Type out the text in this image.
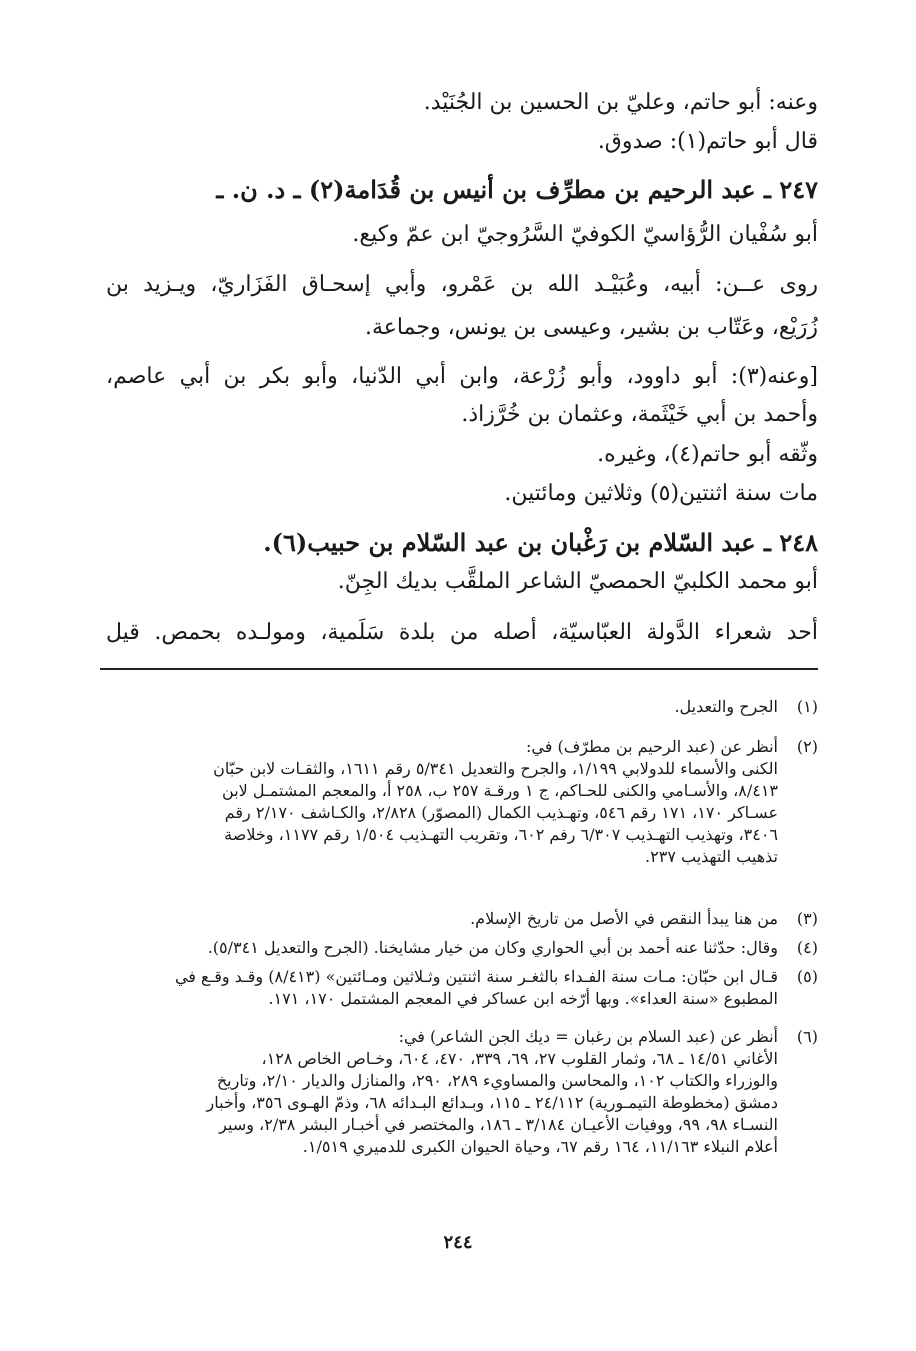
وعنه: أبو حاتم، وعليّ بن الحسين بن الجُنَيْد.
قال أبو حاتم(١): صدوق.
٢٤٧ ـ عبد الرحيم بن مطرِّف بن أنيس بن قُدَامة(٢) ـ د. ن. ـ
أبو سُفْيان الرُّؤاسيّ الكوفيّ السَّرُوجيّ ابن عمّ وكيع.
روى عــن: أبيه، وعُبَيْـد الله بن عَمْرو، وأبي إسحـاق الفَزَاريّ، ويـزيد بن
زُرَيْع، وعَتّاب بن بشير، وعيسى بن يونس، وجماعة.
[وعنه(٣): أبو داوود، وأبو زُرْعة، وابن أبي الدّنيا، وأبو بكر بن أبي عاصم،
وأحمد بن أبي خَيْثَمة، وعثمان بن خُرَّزاذ.
وثّقه أبو حاتم(٤)، وغيره.
مات سنة اثنتين(٥) وثلاثين ومائتين.
٢٤٨ ـ عبد السّلام بن رَغْبان بن عبد السّلام بن حبيب(٦).
أبو محمد الكلبيّ الحمصيّ الشاعر الملقَّب بديك الجِنّ.
أحد شعراء الدَّولة العبّاسيّة، أصله من بلدة سَلَمية، ومولـده بحمص. قيل
(١)
الجرح والتعديل.
(٢)
أنظر عن (عبد الرحيم بن مطرّف) في:
الكنى والأسماء للدولابي ١/١٩٩، والجرح والتعديل ٥/٣٤١ رقم ١٦١١، والثقـات لابن حبّان
٨/٤١٣، والأسـامي والكنى للحـاكم، ج ١ ورقـة ٢٥٧ ب، ٢٥٨ أ، والمعجم المشتمـل لابن
عسـاكر ١٧٠، ١٧١ رقم ٥٤٦، وتهـذيب الكمال (المصوّر) ٢/٨٢٨، والكـاشف ٢/١٧٠ رقم
٣٤٠٦، وتهذيب التهـذيب ٦/٣٠٧ رفم ٦٠٢، وتقريب التهـذيب ١/٥٠٤ رقم ١١٧٧، وخلاصة
تذهيب التهذيب ٢٣٧.
(٣)
من هنا يبدأ النقص في الأصل من تاريخ الإسلام.
(٤)
وقال: حدّثنا عنه أحمد بن أبي الحواري وكان من خيار مشايخنا. (الجرح والتعديل ٥/٣٤١).
(٥)
قـال ابن حبّان: مـات سنة الفـداء بالثغـر سنة اثنتين وثـلاثين ومـائتين» (٨/٤١٣) وقـد وقـع في
المطبوع «سنة العداء». وبها أرّخه ابن عساكر في المعجم المشتمل ١٧٠، ١٧١.
(٦)
أنظر عن (عبد السلام بن رغبان = ديك الجن الشاعر) في:
الأغاني ١٤/٥١ ـ ٦٨، وثمار القلوب ٢٧، ٦٩، ٣٣٩، ٤٧٠، ٦٠٤، وخـاص الخاص ١٢٨،
والوزراء والكتاب ١٠٢، والمحاسن والمساويء ٢٨٩، ٢٩٠، والمنازل والديار ٢/١٠، وتاريخ
دمشق (مخطوطة التيمـورية) ٢٤/١١٢ ـ ١١٥، وبـدائع البـدائه ٦٨، وذمّ الهـوى ٣٥٦، وأخبار
النسـاء ٩٨، ٩٩، ووفيات الأعيـان ٣/١٨٤ ـ ١٨٦، والمختصر في أخبـار البشر ٢/٣٨، وسير
أعلام النبلاء ١١/١٦٣، ١٦٤ رقم ٦٧، وحياة الحيوان الكبرى للدميري ١/٥١٩.
٢٤٤
